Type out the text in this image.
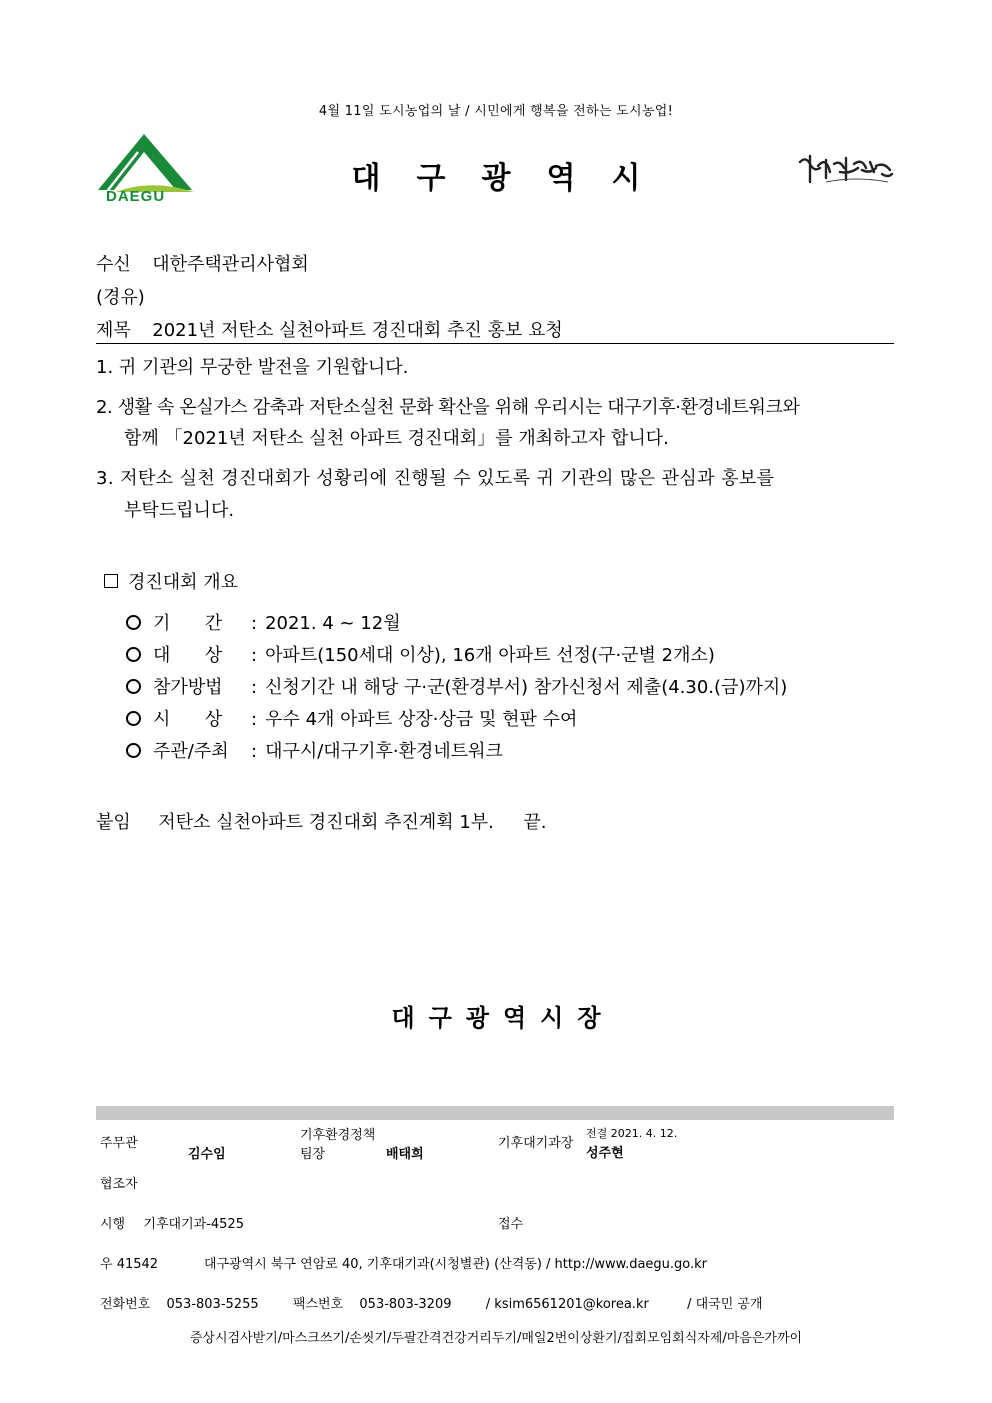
4월 11일 도시농업의 날 / 시민에게 행복을 전하는 도시농업!
DAEGU
대구광역시
수신 대한주택관리사협회
(경유)
제목 2021년 저탄소 실천아파트 경진대회 추진 홍보 요청
1. 귀 기관의 무궁한 발전을 기원합니다.
2. 생활 속 온실가스 감축과 저탄소실천 문화 확산을 위해 우리시는 대구기후·환경네트워크와
함께 「2021년 저탄소 실천 아파트 경진대회」를 개최하고자 합니다.
3. 저탄소 실천 경진대회가 성황리에 진행될 수 있도록 귀 기관의 많은 관심과 홍보를
부탁드립니다.
경진대회 개요
기      간 : 2021. 4 ~ 12월
대      상 : 아파트(150세대 이상), 16개 아파트 선정(구·군별 2개소)
참가방법 : 신청기간 내 해당 구·군(환경부서) 참가신청서 제출(4.30.(금)까지)
시      상 : 우수 4개 아파트 상장·상금 및 현판 수여
주관/주최 : 대구시/대구기후·환경네트워크
붙임 저탄소 실천아파트 경진대회 추진계획 1부. 끝.
대구광역시장
주무관
김수임
기후환경정책
팀장	배태희
기후대기과장
전결 2021. 4. 12.
성주현
협조자
시행 기후대기과-4525	접수
우 41542	대구광역시 북구 연암로 40, 기후대기과(시청별관) (산격동) / http://www.daegu.go.kr
전화번호 053-803-5255	팩스번호 053-803-3209	/ ksim6561201@korea.kr	/ 대국민 공개
증상시검사받기/마스크쓰기/손씻기/두팔간격건강거리두기/매일2번이상환기/집회모임회식자제/마음은가까이
